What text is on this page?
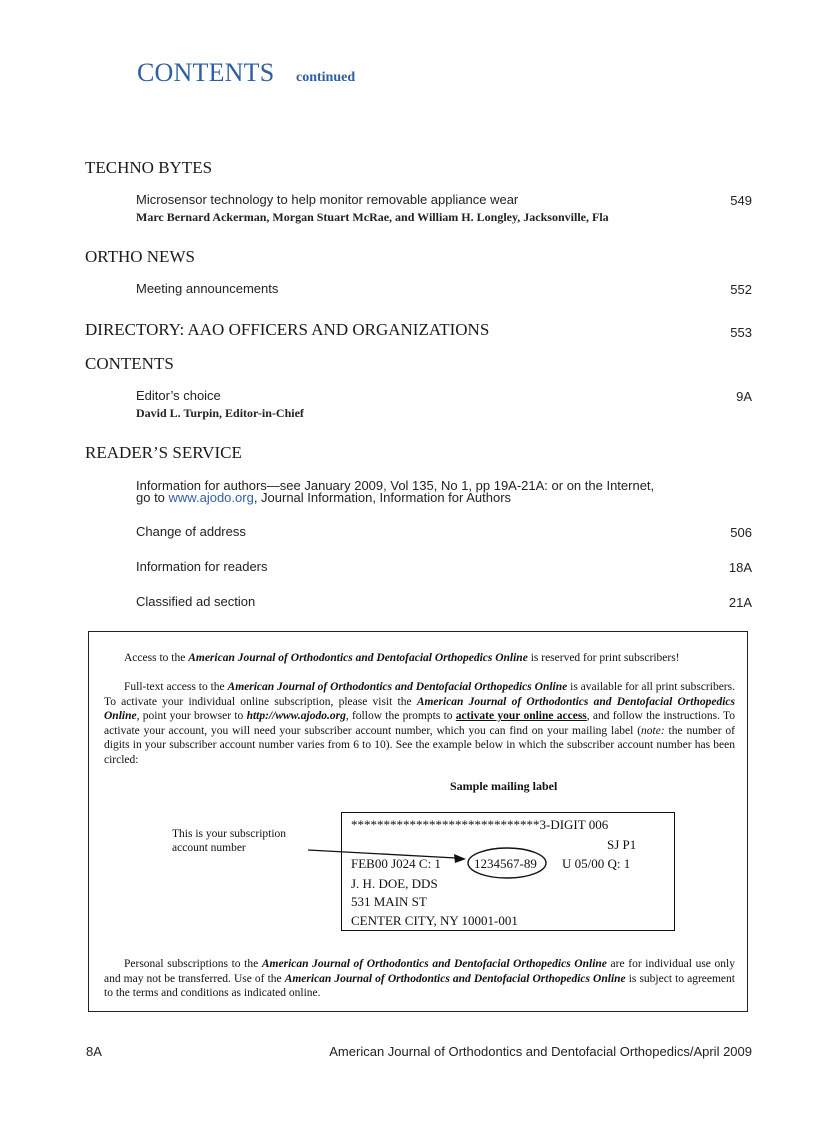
CONTENTS continued
TECHNO BYTES
Microsensor technology to help monitor removable appliance wear	549
Marc Bernard Ackerman, Morgan Stuart McRae, and William H. Longley, Jacksonville, Fla
ORTHO NEWS
Meeting announcements	552
DIRECTORY: AAO OFFICERS AND ORGANIZATIONS	553
CONTENTS
Editor’s choice	9A
David L. Turpin, Editor-in-Chief
READER’S SERVICE
Information for authors—see January 2009, Vol 135, No 1, pp 19A-21A: or on the Internet,
go to www.ajodo.org, Journal Information, Information for Authors
Change of address	506
Information for readers	18A
Classified ad section	21A
Access to the American Journal of Orthodontics and Dentofacial Orthopedics Online is reserved for print subscribers!
Full-text access to the American Journal of Orthodontics and Dentofacial Orthopedics Online is available for all print subscribers. To activate your individual online subscription, please visit the American Journal of Orthodontics and Dentofacial Orthopedics Online, point your browser to http://www.ajodo.org, follow the prompts to activate your online access, and follow the instructions. To activate your account, you will need your subscriber account number, which you can find on your mailing label (note: the number of digits in your subscriber account number varies from 6 to 10). See the example below in which the subscriber account number has been circled:
Sample mailing label
This is your subscription
account number
*****************************3-DIGIT 006
SJ P1
FEB00 J024 C: 1	1234567-89 U 05/00 Q: 1
J. H. DOE, DDS
531 MAIN ST
CENTER CITY, NY 10001-001
Personal subscriptions to the American Journal of Orthodontics and Dentofacial Orthopedics Online are for individual use only and may not be transferred. Use of the American Journal of Orthodontics and Dentofacial Orthopedics Online is subject to agreement to the terms and conditions as indicated online.
8A	American Journal of Orthodontics and Dentofacial Orthopedics/April 2009
